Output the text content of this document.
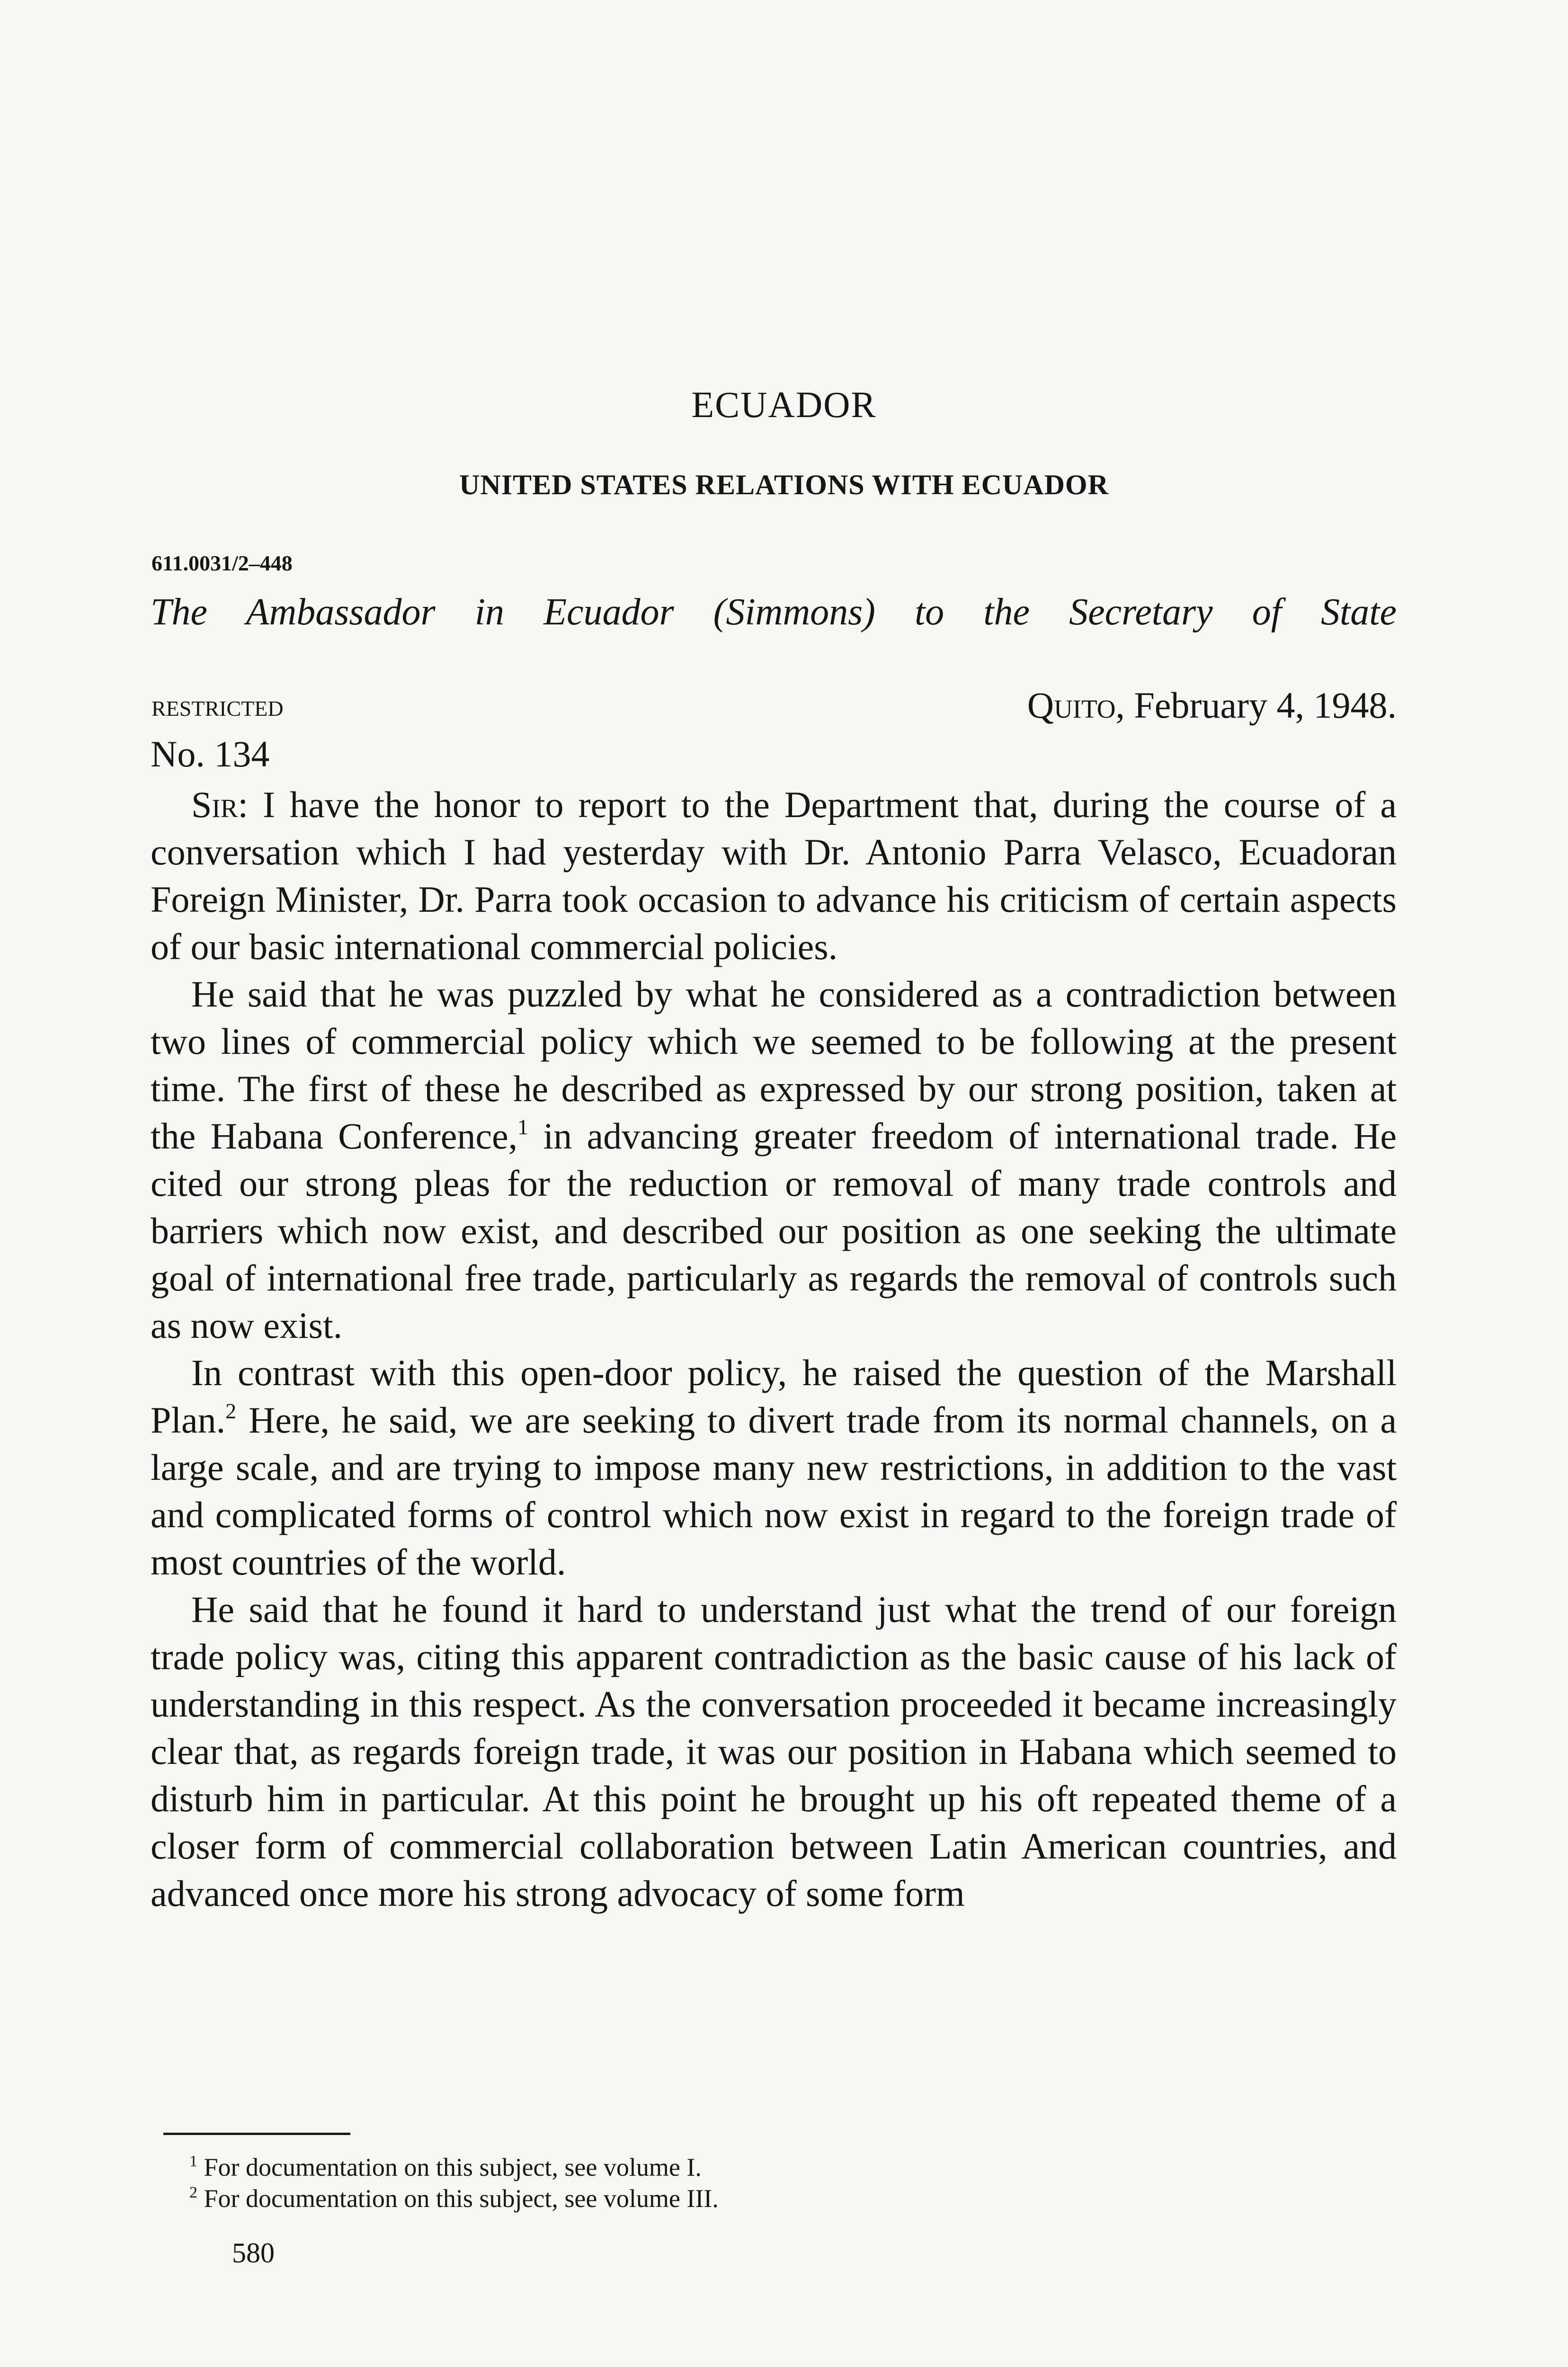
ECUADOR
UNITED STATES RELATIONS WITH ECUADOR
611.0031/2–448
The Ambassador in Ecuador (Simmons) to the Secretary of State
RESTRICTED	Quito, February 4, 1948.
No. 134

Sir: I have the honor to report to the Department that, during the course of a conversation which I had yesterday with Dr. Antonio Parra Velasco, Ecuadoran Foreign Minister, Dr. Parra took occasion to advance his criticism of certain aspects of our basic international commercial policies.

He said that he was puzzled by what he considered as a contradiction between two lines of commercial policy which we seemed to be following at the present time. The first of these he described as expressed by our strong position, taken at the Habana Conference,$^1$ in advancing greater freedom of international trade. He cited our strong pleas for the reduction or removal of many trade controls and barriers which now exist, and described our position as one seeking the ultimate goal of international free trade, particularly as regards the removal of controls such as now exist.

In contrast with this open-door policy, he raised the question of the Marshall Plan.$^2$ Here, he said, we are seeking to divert trade from its normal channels, on a large scale, and are trying to impose many new restrictions, in addition to the vast and complicated forms of control which now exist in regard to the foreign trade of most countries of the world.

He said that he found it hard to understand just what the trend of our foreign trade policy was, citing this apparent contradiction as the basic cause of his lack of understanding in this respect. As the conversation proceeded it became increasingly clear that, as regards foreign trade, it was our position in Habana which seemed to disturb him in particular. At this point he brought up his oft repeated theme of a closer form of commercial collaboration between Latin American countries, and advanced once more his strong advocacy of some form

$^1$ For documentation on this subject, see volume I.
$^2$ For documentation on this subject, see volume III.
580
